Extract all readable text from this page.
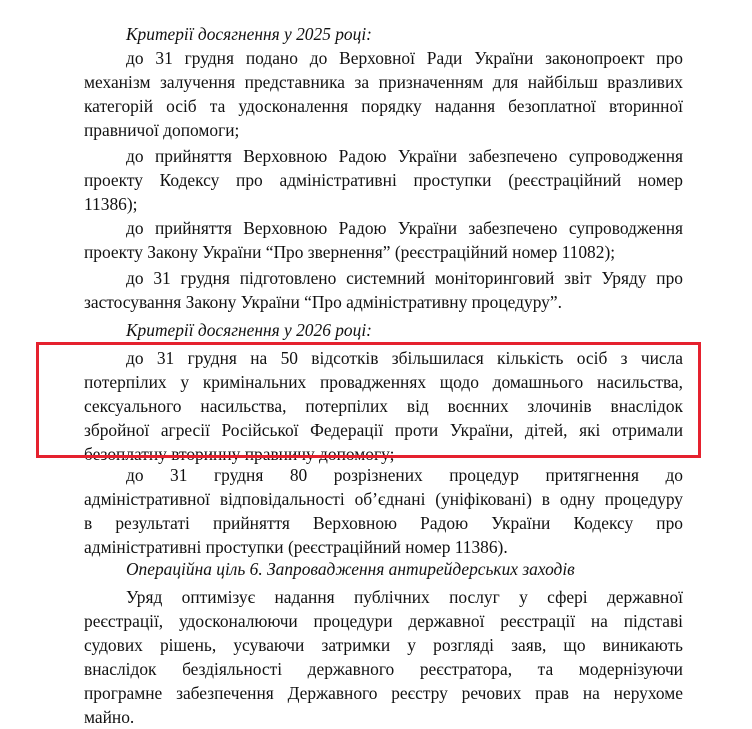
Критерії досягнення у 2025 році:
до 31 грудня подано до Верховної Ради України законопроект про
механізм залучення представника за призначенням для найбільш вразливих
категорій осіб та удосконалення порядку надання безоплатної вторинної
правничої допомоги;
до прийняття Верховною Радою України забезпечено супроводження
проекту Кодексу про адміністративні проступки (реєстраційний номер
11386);
до прийняття Верховною Радою України забезпечено супроводження
проекту Закону України “Про звернення” (реєстраційний номер 11082);
до 31 грудня підготовлено системний моніторинговий звіт Уряду про
застосування Закону України “Про адміністративну процедуру”.
Критерії досягнення у 2026 році:
до 31 грудня на 50 відсотків збільшилася кількість осіб з числа
потерпілих у кримінальних провадженнях щодо домашнього насильства,
сексуального насильства, потерпілих від воєнних злочинів внаслідок
збройної агресії Російської Федерації проти України, дітей, які отримали
безоплатну вторинну правничу допомогу;
до 31 грудня 80 розрізнених процедур притягнення до
адміністративної відповідальності об’єднані (уніфіковані) в одну процедуру
в результаті прийняття Верховною Радою України Кодексу про
адміністративні проступки (реєстраційний номер 11386).
Операційна ціль 6. Запровадження антирейдерських заходів
Уряд оптимізує надання публічних послуг у сфері державної
реєстрації, удосконалюючи процедури державної реєстрації на підставі
судових рішень, усуваючи затримки у розгляді заяв, що виникають
внаслідок бездіяльності державного реєстратора, та модернізуючи
програмне забезпечення Державного реєстру речових прав на нерухоме
майно.
